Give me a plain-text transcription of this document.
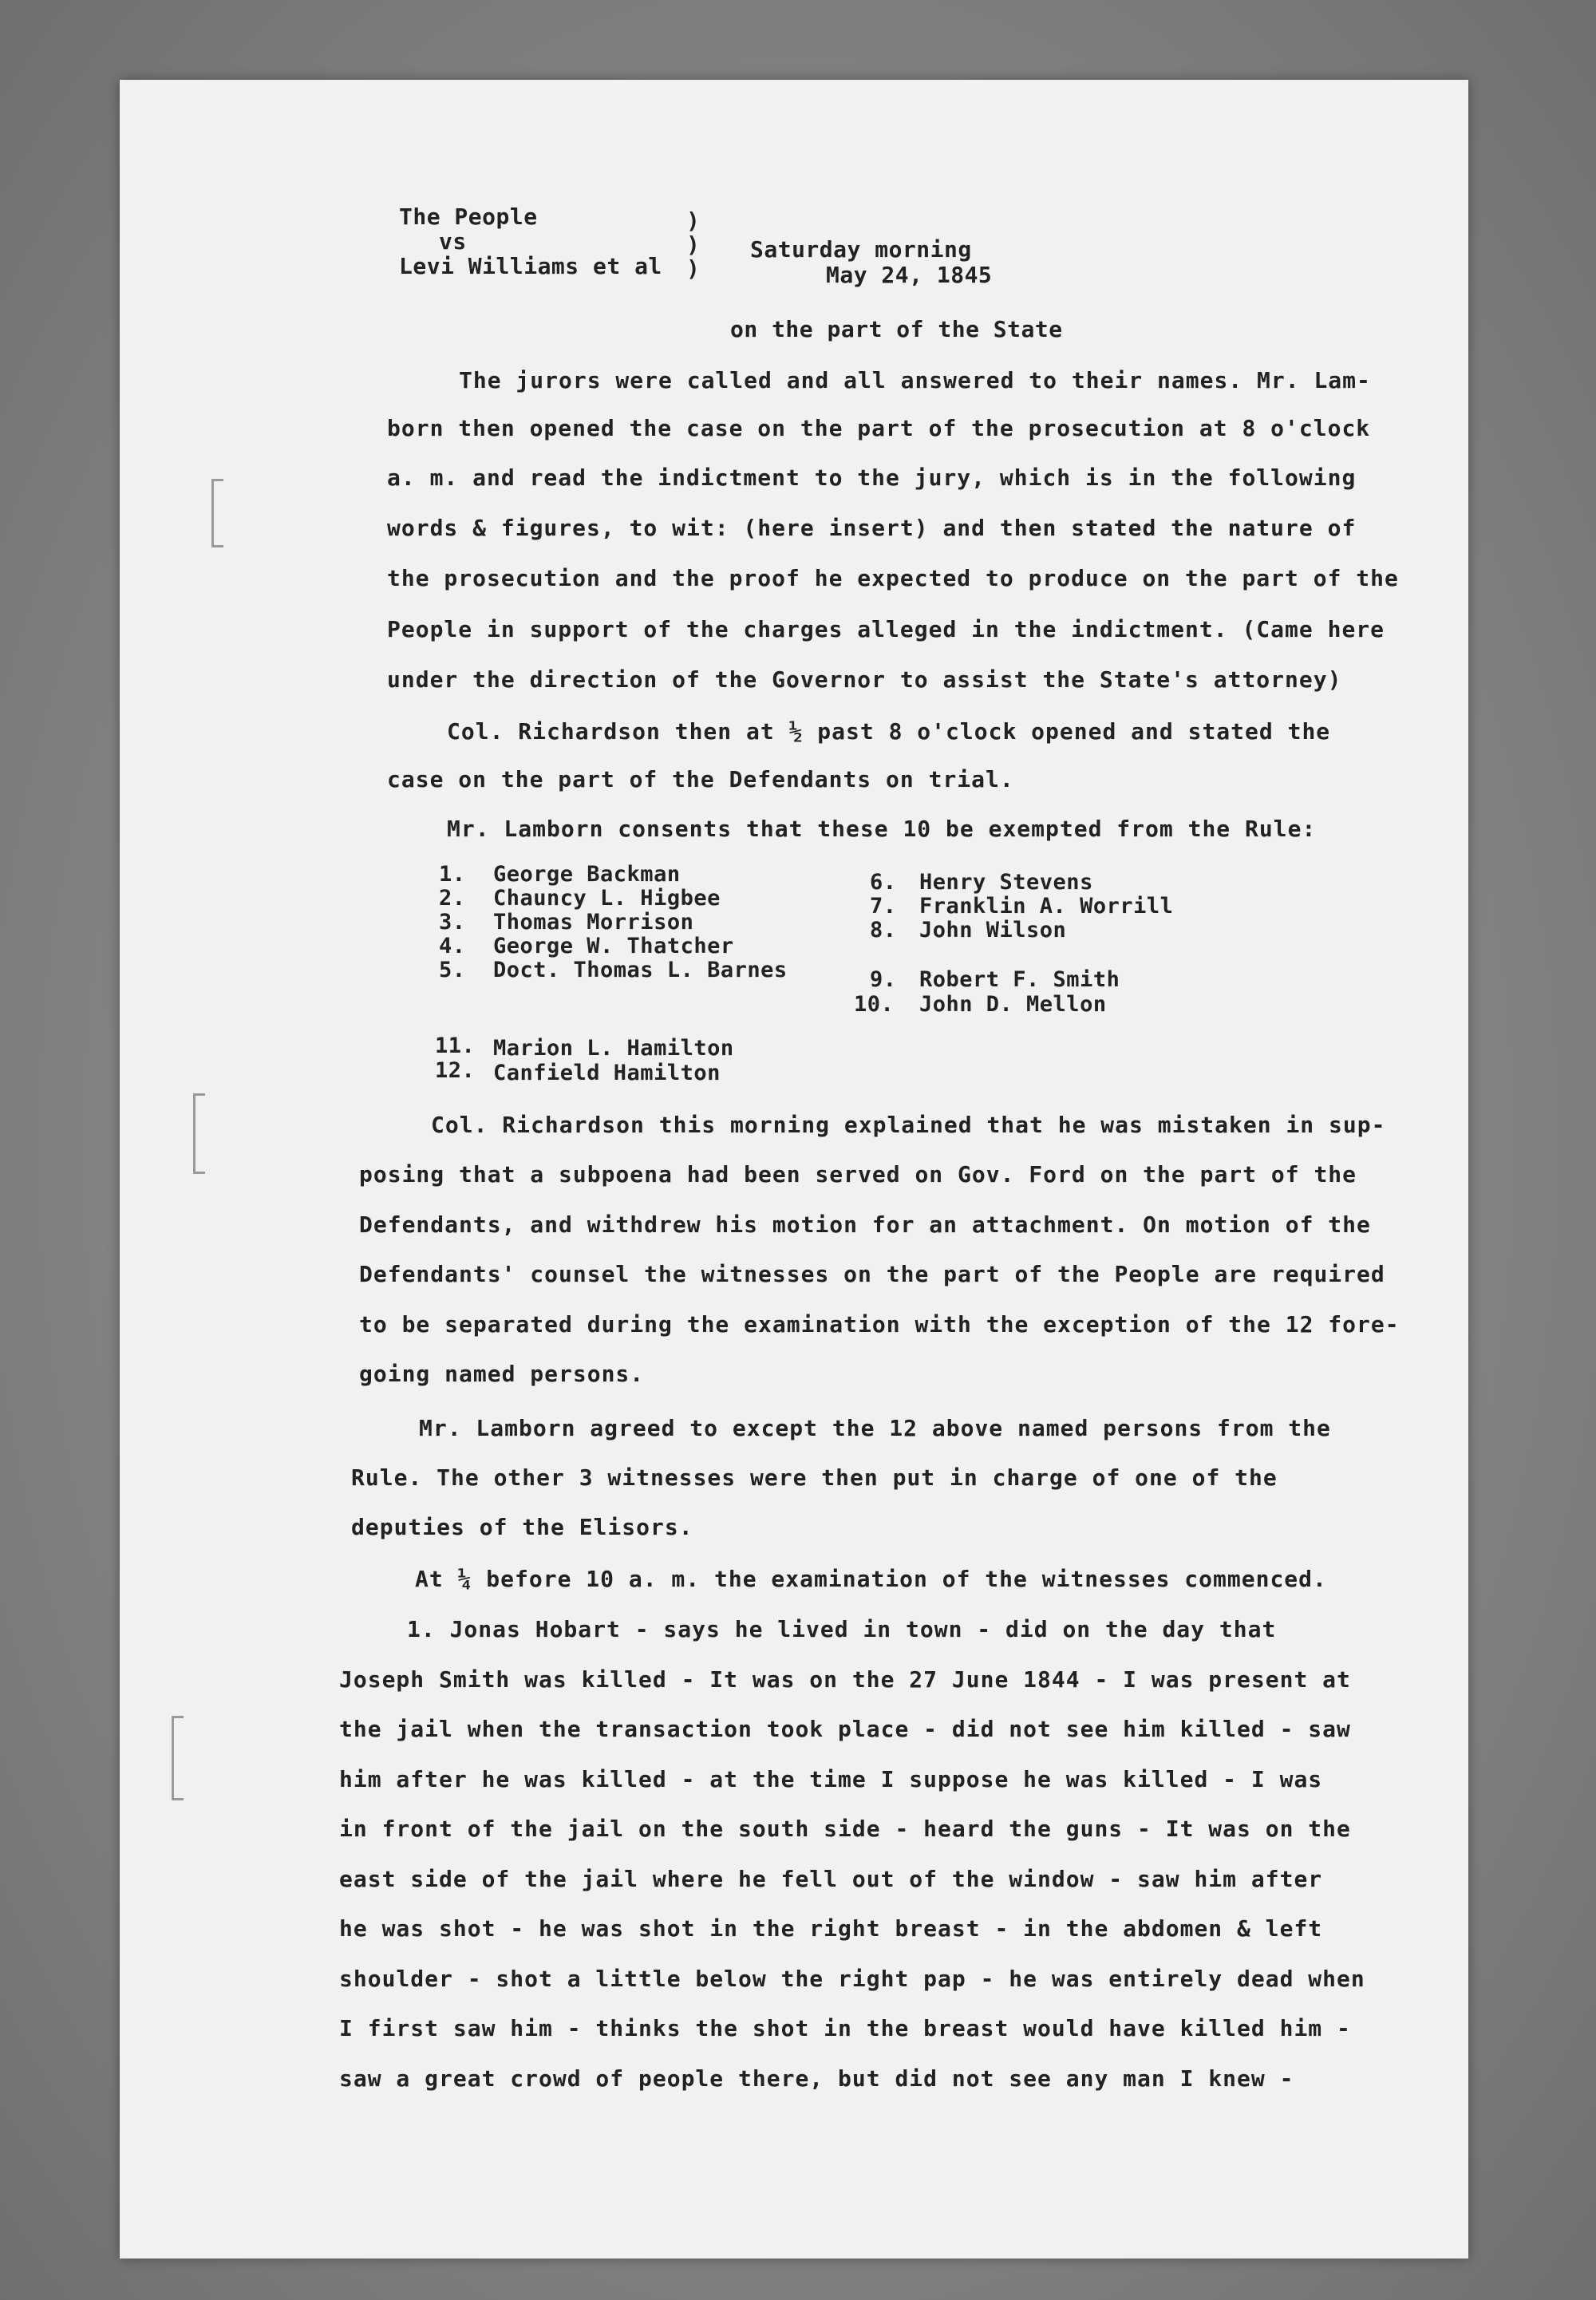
The People
vs
Levi Williams et al
)
)
)
Saturday morning
May 24, 1845
on the part of the State
The jurors were called and all answered to their names. Mr. Lam-
born then opened the case on the part of the prosecution at 8 o'clock
a. m. and read the indictment to the jury, which is in the following
words & figures, to wit: (here insert) and then stated the nature of
the prosecution and the proof he expected to produce on the part of the
People in support of the charges alleged in the indictment. (Came here
under the direction of the Governor to assist the State's attorney)
Col. Richardson then at ½ past 8 o'clock opened and stated the
case on the part of the Defendants on trial.
Mr. Lamborn consents that these 10 be exempted from the Rule:
1. George Backman
2. Chauncy L. Higbee
3. Thomas Morrison
4. George W. Thatcher
5. Doct. Thomas L. Barnes
6. Henry Stevens
7. Franklin A. Worrill
8. John Wilson
9. Robert F. Smith
10. John D. Mellon
11. Marion L. Hamilton
12. Canfield Hamilton
Col. Richardson this morning explained that he was mistaken in sup-
posing that a subpoena had been served on Gov. Ford on the part of the
Defendants, and withdrew his motion for an attachment. On motion of the
Defendants' counsel the witnesses on the part of the People are required
to be separated during the examination with the exception of the 12 fore-
going named persons.
Mr. Lamborn agreed to except the 12 above named persons from the
Rule. The other 3 witnesses were then put in charge of one of the
deputies of the Elisors.
At ¼ before 10 a. m. the examination of the witnesses commenced.
1. Jonas Hobart - says he lived in town - did on the day that
Joseph Smith was killed - It was on the 27 June 1844 - I was present at
the jail when the transaction took place - did not see him killed - saw
him after he was killed - at the time I suppose he was killed - I was
in front of the jail on the south side - heard the guns - It was on the
east side of the jail where he fell out of the window - saw him after
he was shot - he was shot in the right breast - in the abdomen & left
shoulder - shot a little below the right pap - he was entirely dead when
I first saw him - thinks the shot in the breast would have killed him -
saw a great crowd of people there, but did not see any man I knew -
